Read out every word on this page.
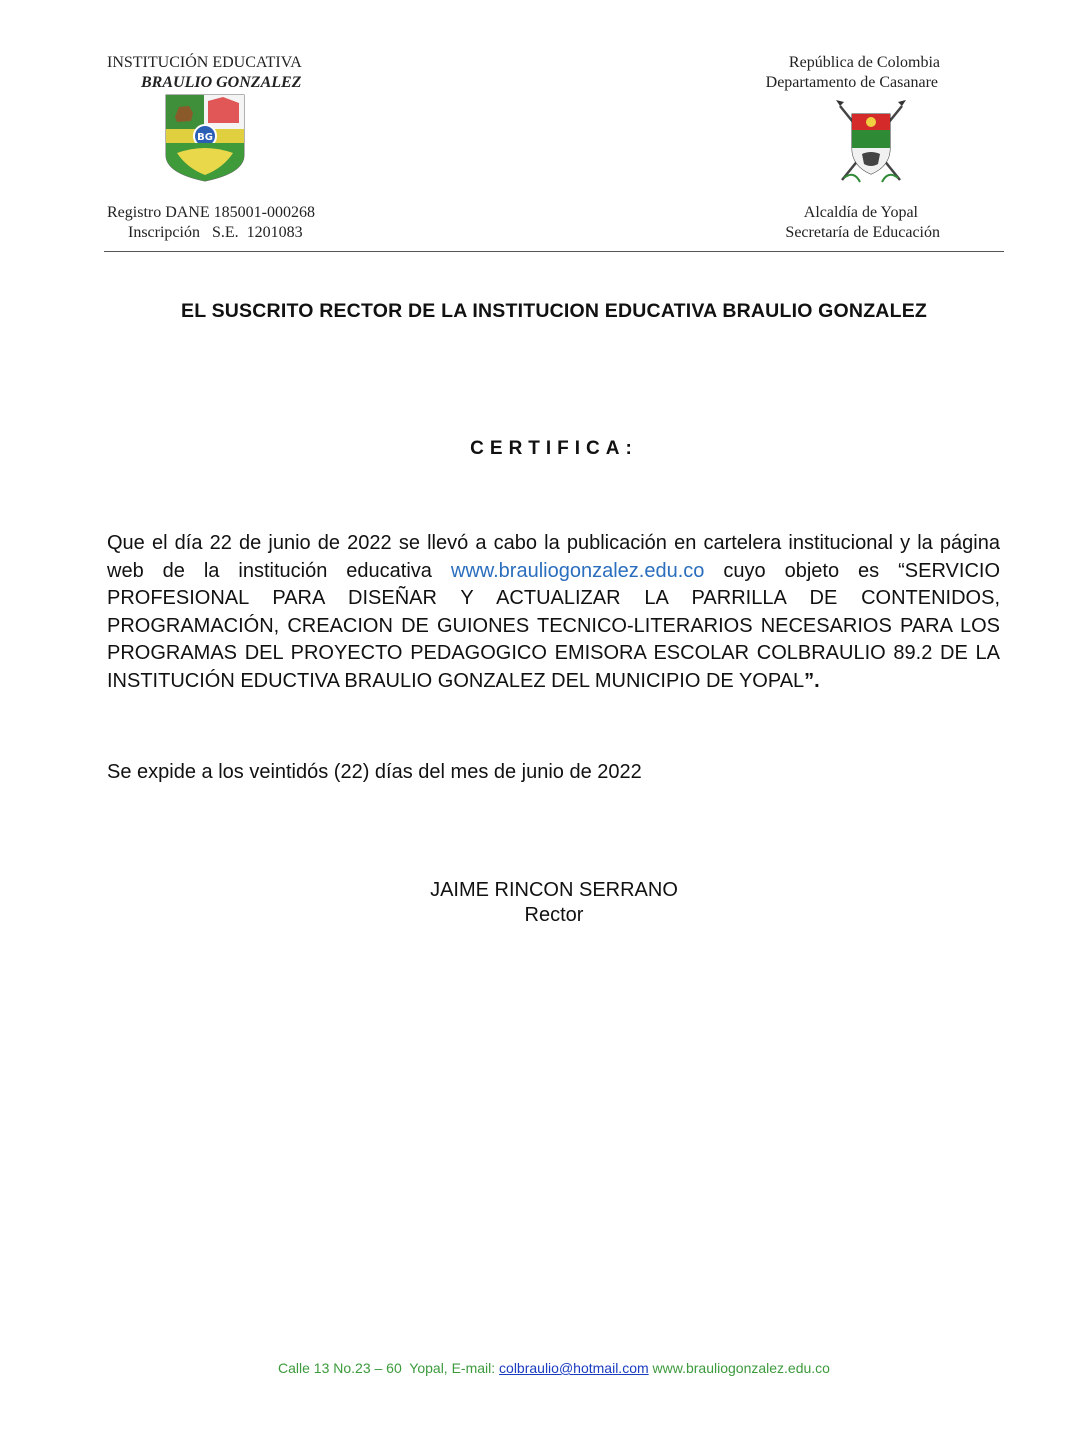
INSTITUCIÓN EDUCATIVA
BRAULIO GONZALEZ
BG
Registro DANE 185001-000268
Inscripción   S.E.  1201083
República de Colombia
Departamento de Casanare
Alcaldía de Yopal
Secretaría de Educación
EL SUSCRITO RECTOR DE LA INSTITUCION EDUCATIVA BRAULIO GONZALEZ
CERTIFICA:
Que el día 22 de junio de 2022 se llevó a cabo la publicación en cartelera institucional y la página web de la institución educativa www.brauliogonzalez.edu.co cuyo objeto es “SERVICIO PROFESIONAL PARA DISEÑAR Y ACTUALIZAR LA PARRILLA DE CONTENIDOS, PROGRAMACIÓN, CREACION DE GUIONES TECNICO-LITERARIOS NECESARIOS PARA LOS PROGRAMAS DEL PROYECTO PEDAGOGICO EMISORA ESCOLAR COLBRAULIO 89.2 DE LA INSTITUCIÓN EDUCTIVA BRAULIO GONZALEZ DEL MUNICIPIO DE YOPAL”.
Se expide a los veintidós (22) días del mes de junio de 2022
JAIME RINCON SERRANO
Rector
Calle 13 No.23 – 60  Yopal, E-mail: colbraulio@hotmail.com www.brauliogonzalez.edu.co
